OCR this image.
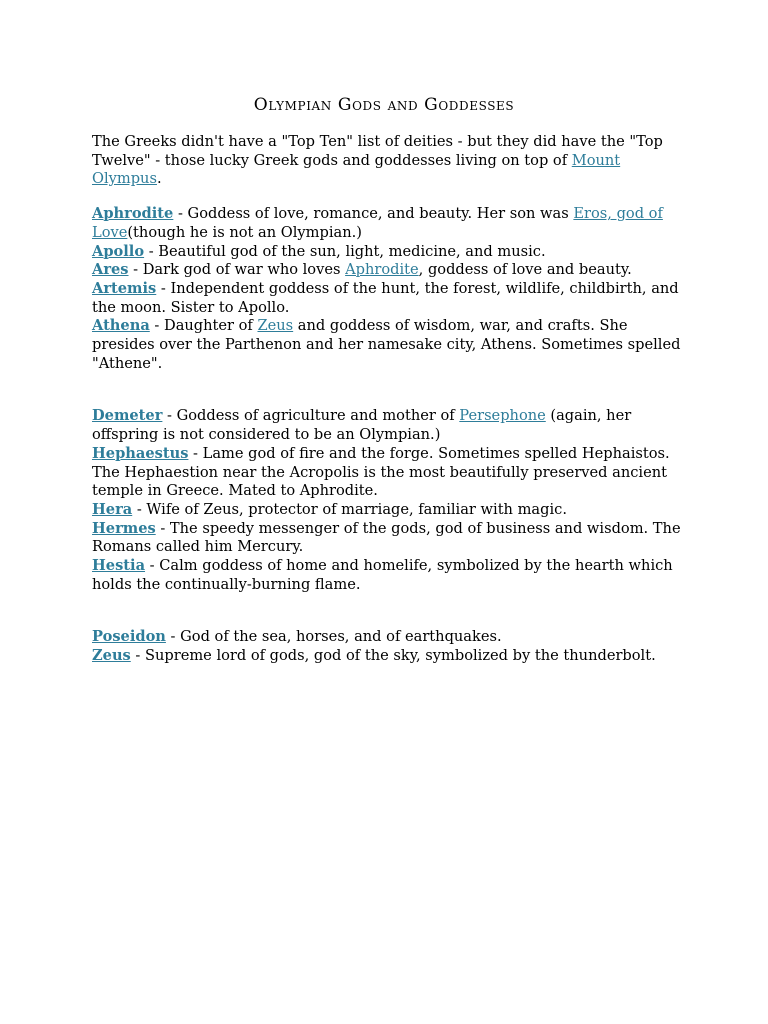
Olympian Gods and Goddesses

The Greeks didn't have a "Top Ten" list of deities - but they did have the "Top Twelve" - those lucky Greek gods and goddesses living on top of Mount Olympus.

Aphrodite - Goddess of love, romance, and beauty. Her son was Eros, god of Love(though he is not an Olympian.)

Apollo - Beautiful god of the sun, light, medicine, and music.

Ares - Dark god of war who loves Aphrodite, goddess of love and beauty.

Artemis - Independent goddess of the hunt, the forest, wildlife, childbirth, and the moon. Sister to Apollo.

Athena - Daughter of Zeus and goddess of wisdom, war, and crafts. She presides over the Parthenon and her namesake city, Athens. Sometimes spelled "Athene".

Demeter - Goddess of agriculture and mother of Persephone (again, her offspring is not considered to be an Olympian.)

Hephaestus - Lame god of fire and the forge. Sometimes spelled Hephaistos. The Hephaestion near the Acropolis is the most beautifully preserved ancient temple in Greece. Mated to Aphrodite.

Hera - Wife of Zeus, protector of marriage, familiar with magic.

Hermes - The speedy messenger of the gods, god of business and wisdom. The Romans called him Mercury.

Hestia - Calm goddess of home and homelife, symbolized by the hearth which holds the continually-burning flame.

Poseidon - God of the sea, horses, and of earthquakes.

Zeus - Supreme lord of gods, god of the sky, symbolized by the thunderbolt.
